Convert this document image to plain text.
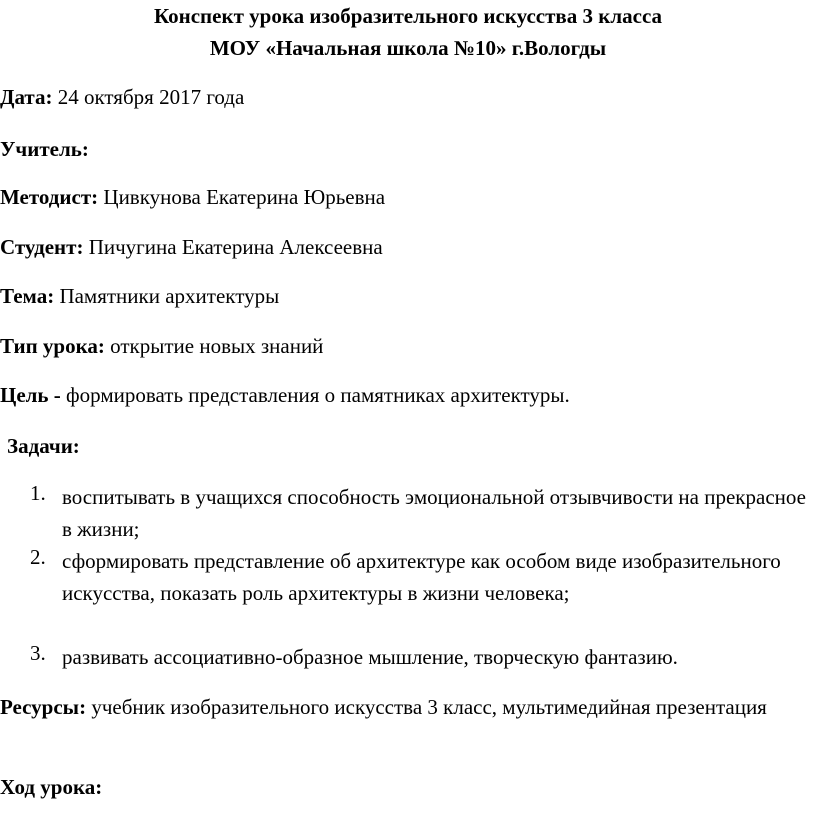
Конспект урока изобразительного искусства 3 класса
МОУ «Начальная школа №10» г.Вологды
Дата: 24 октября 2017 года
Учитель:
Методист: Цивкунова Екатерина Юрьевна
Студент: Пичугина Екатерина Алексеевна
Тема: Памятники архитектуры
Тип урока: открытие новых знаний
Цель - формировать представления о памятниках архитектуры.
Задачи:
1. воспитывать в учащихся способность эмоциональной отзывчивости на прекрасное в жизни;
2. сформировать представление об архитектуре как особом виде изобразительного искусства, показать роль архитектуры в жизни человека;
3. развивать ассоциативно-образное мышление, творческую фантазию.
Ресурсы: учебник изобразительного искусства 3 класс, мультимедийная презентация
Ход урока:
